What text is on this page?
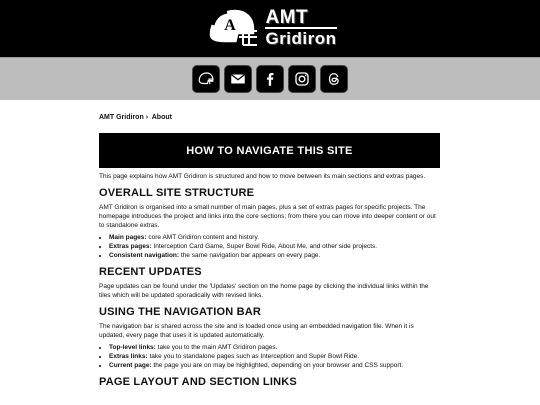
A AMT
Gridiron
AMT Gridiron › About
HOW TO NAVIGATE THIS SITE

This page explains how AMT Gridiron is structured and how to move between its main sections and extras pages.

OVERALL SITE STRUCTURE

AMT Gridiron is organised into a small number of main pages, plus a set of extras pages for specific projects. The homepage introduces the project and links into the core sections; from there you can move into deeper content or out to standalone extras.

• Main pages: core AMT Gridiron content and history.
• Extras pages: Interception Card Game, Super Bowl Ride, About Me, and other side projects.
• Consistent navigation: the same navigation bar appears on every page.
RECENT UPDATES

Page updates can be found under the 'Updates' section on the home page by clicking the individual links within the tiles which will be updated sporadically with revised links.

USING THE NAVIGATION BAR

The navigation bar is shared across the site and is loaded once using an embedded navigation file. When it is updated, every page that uses it is updated automatically.

• Top-level links: take you to the main AMT Gridiron pages.
• Extras links: take you to standalone pages such as Interception and Super Bowl Ride.
• Current page: the page you are on may be highlighted, depending on your browser and CSS support.
PAGE LAYOUT AND SECTION LINKS
